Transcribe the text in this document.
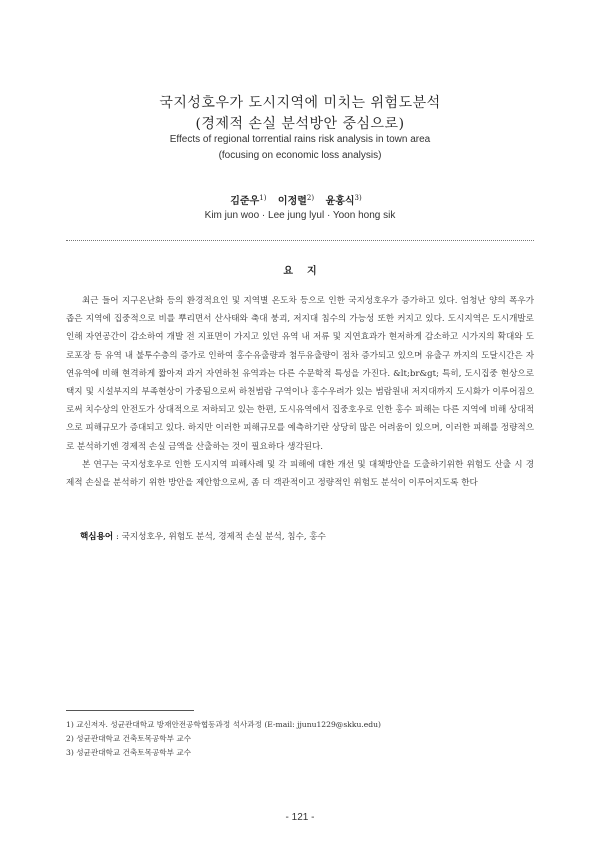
국지성호우가 도시지역에 미치는 위험도분석
(경제적 손실 분석방안 중심으로)
Effects of regional torrential rains risk analysis in town area
(focusing on economic loss analysis)
김준우$^{1)}$ 이정렬$^{2)}$ 윤홍식$^{3)}$
Kim jun woo · Lee jung lyul · Yoon hong sik
요지

최근 들어 지구온난화 등의 환경적요인 및 지역별 온도차 등으로 인한 국지성호우가 증가하고 있다. 엄청난 양의 폭우가 좁은 지역에 집중적으로 비를 뿌리면서 산사태와 축대 붕괴, 저지대 침수의 가능성 또한 커지고 있다. 도시지역은 도시개발로 인해 자연공간이 감소하여 개발 전 지표면이 가지고 있던 유역 내 저류 및 지연효과가 현저하게 감소하고 시가지의 확대와 도로포장 등 유역 내 불투수층의 증가로 인하여 홍수유출량과 첨두유출량이 점차 증가되고 있으며 유출구 까지의 도달시간은 자연유역에 비해 현격하게 짧아져 과거 자연하천 유역과는 다른 수문학적 특성을 가진다. &lt;br&gt; 특히, 도시집중 현상으로 택지 및 시설부지의 부족현상이 가중됨으로써 하천범람 구역이나 홍수우려가 있는 범람원내 저지대까지 도시화가 이루어짐으로써 치수상의 안전도가 상대적으로 저하되고 있는 한편, 도시유역에서 집중호우로 인한 홍수 피해는 다른 지역에 비해 상대적으로 피해규모가 증대되고 있다. 하지만 이러한 피해규모를 예측하기란 상당히 많은 어려움이 있으며, 이러한 피해를 정량적으로 분석하기엔 경제적 손실 금액을 산출하는 것이 필요하다 생각된다.

본 연구는 국지성호우로 인한 도시지역 피해사례 및 각 피해에 대한 개선 및 대책방안을 도출하기위한 위험도 산출 시 경제적 손실을 분석하기 위한 방안을 제안함으로써, 좀 더 객관적이고 정량적인 위험도 분석이 이루어지도록 한다

핵심용어 : 국지성호우, 위험도 분석, 경제적 손실 분석, 침수, 홍수
1) 교신저자. 성균관대학교 방재안전공학협동과정 석사과정 (E-mail: jjunu1229@skku.edu)
2) 성균관대학교 건축토목공학부 교수
3) 성균관대학교 건축토목공학부 교수
- 121 -
